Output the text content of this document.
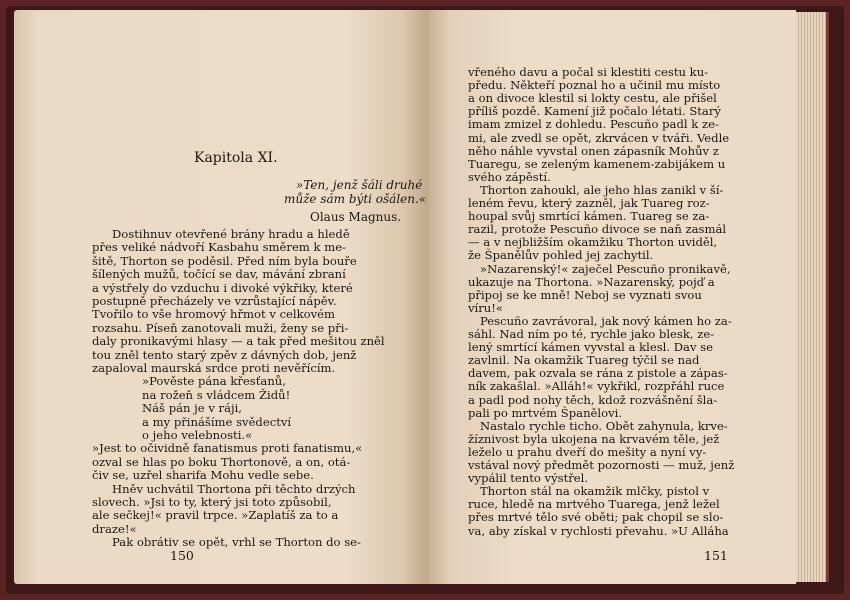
Kapitola XI.
»Ten, jenž šáli druhé
může sám býti ošálen.«
Olaus Magnus.
Dostihnuv otevřené brány hradu a hledě
přes veliké nádvoří Kasbahu směrem k me-
šitě, Thorton se poděsil. Před ním byla bouře
šílených mužů, točící se dav, mávání zbraní
a výstřely do vzduchu i divoké výkřiky, které
postupně přecházely ve vzrůstající nápěv.
Tvořilo to vše hromový hřmot v celkovém
rozsahu. Píseň zanotovali muži, ženy se při-
daly pronikavými hlasy — a tak před mešitou zněl
tou zněl tento starý zpěv z dávných dob, jenž
zapaloval maurská srdce proti nevěřícím.
»Pověste pána křesťanů,
na rožeň s vládcem Židů!
Náš pán je v ráji,
a my přinášíme svědectví
o jeho velebnosti.«
»Jest to očividně fanatismus proti fanatismu,«
ozval se hlas po boku Thortonově, a on, otá-
čiv se, uzřel sharifa Mohu vedle sebe.
Hněv uchvátil Thortona při těchto drzých
slovech. »Jsi to ty, který jsi toto způsobil,
ale sečkej!« pravil trpce. »Zaplatíš za to a
draze!«
Pak obrátiv se opět, vrhl se Thorton do se-
150
vřeného davu a počal si klestiti cestu ku-
předu. Někteří poznal ho a učinil mu místo
a on divoce klestil si lokty cestu, ale přišel
příliš pozdě. Kamení již počalo létati. Starý
imam zmizel z dohledu. Pescuño padl k ze-
mi, ale zvedl se opět, zkrvácen v tváři. Vedle
něho náhle vyvstal onen zápasník Mohův z
Tuaregu, se zeleným kamenem-zabijákem u
svého zápěstí.
Thorton zahoukl, ale jeho hlas zanikl v ší-
leném řevu, který zazněl, jak Tuareg roz-
houpal svůj smrtící kámen. Tuareg se za-
razil, protože Pescuño divoce se naň zasmál
— a v nejbližším okamžiku Thorton uviděl,
že Španělův pohled jej zachytil.
»Nazarenský!« zaječel Pescuño pronikavě,
ukazuje na Thortona. »Nazarenský, pojď a
připoj se ke mně! Neboj se vyznati svou
víru!«
Pescuño zavrávoral, jak nový kámen ho za-
sáhl. Nad ním po té, rychle jako blesk, ze-
lený smrtící kámen vyvstal a klesl. Dav se
zavlnil. Na okamžik Tuareg týčil se nad
davem, pak ozvala se rána z pistole a zápas-
ník zakašlal. »Alláh!« vykřikl, rozpřáhl ruce
a padl pod nohy těch, kdož rozvášnění šla-
pali po mrtvém Španělovi.
Nastalo rychle ticho. Obět zahynula, krve-
žíznivost byla ukojena na krvavém těle, jež
leželo u prahu dveří do mešity a nyní vy-
vstával nový předmět pozornosti — muž, jenž
vypálil tento výstřel.
Thorton stál na okamžik mlčky, pistol v
ruce, hledě na mrtvého Tuarega, jenž ležel
přes mrtvé tělo své oběti; pak chopil se slo-
va, aby získal v rychlosti převahu. »U Alláha
151
